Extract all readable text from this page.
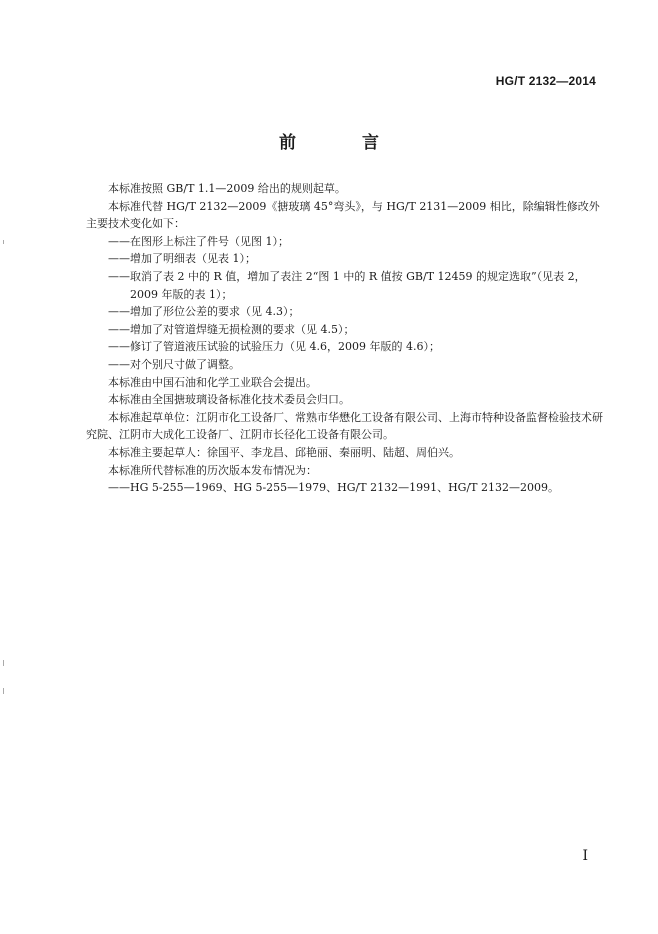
HG/T 2132—2014
前 言

本标准按照 GB/T 1.1—2009 给出的规则起草。

本标准代替 HG/T 2132—2009《搪玻璃 45°弯头》，与 HG/T 2131—2009 相比，除编辑性修改外主要技术变化如下：

——在图形上标注了件号（见图 1）；

——增加了明细表（见表 1）；

——取消了表 2 中的 R 值，增加了表注 2“图 1 中的 R 值按 GB/T 12459 的规定选取”（见表 2，

2009 年版的表 1）；

——增加了形位公差的要求（见 4.3）；

——增加了对管道焊缝无损检测的要求（见 4.5）；

——修订了管道液压试验的试验压力（见 4.6，2009 年版的 4.6）；

——对个别尺寸做了调整。

本标准由中国石油和化学工业联合会提出。

本标准由全国搪玻璃设备标准化技术委员会归口。

本标准起草单位：江阴市化工设备厂、常熟市华懋化工设备有限公司、上海市特种设备监督检验技术研究院、江阴市大成化工设备厂、江阴市长径化工设备有限公司。

本标准主要起草人：徐国平、李龙昌、邱艳丽、秦丽明、陆超、周伯兴。

本标准所代替标准的历次版本发布情况为：

——HG 5-255—1969、HG 5-255—1979、HG/T 2132—1991、HG/T 2132—2009。

I
